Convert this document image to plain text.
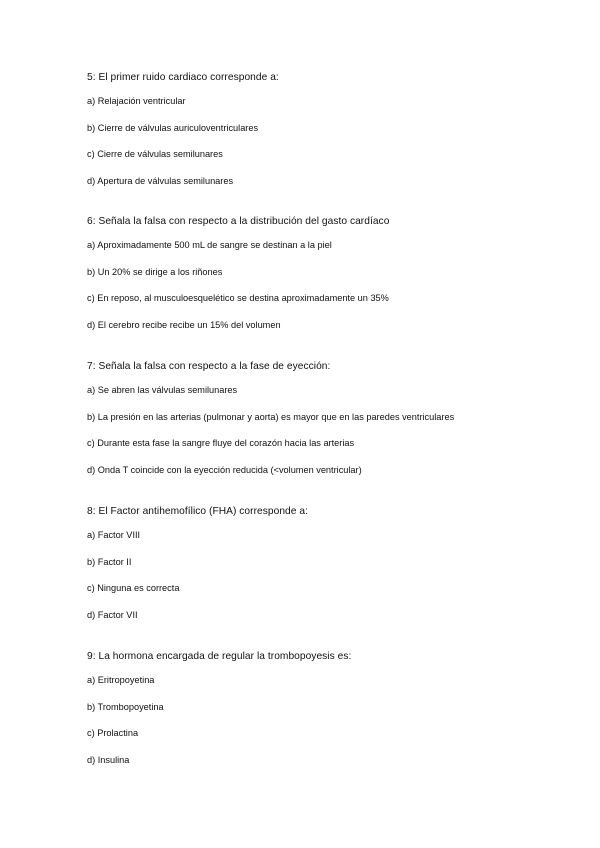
5: El primer ruido cardiaco corresponde a:
a) Relajación ventricular
b) Cierre de válvulas auriculoventriculares
c) Cierre de válvulas semilunares
d) Apertura de válvulas semilunares
6: Señala la falsa con respecto a la distribución del gasto cardíaco
a) Aproximadamente 500 mL de sangre se destinan a la piel
b) Un 20% se dirige a los riñones
c) En reposo, al musculoesquelético se destina aproximadamente un 35%
d) El cerebro recibe recibe un 15% del volumen
7: Señala la falsa con respecto a la fase de eyección:
a) Se abren las válvulas semilunares
b) La presión en las arterias (pulmonar y aorta) es mayor que en las paredes ventriculares
c) Durante esta fase la sangre fluye del corazón hacia las arterias
d) Onda T coincide con la eyección reducida (<volumen ventricular)
8: El Factor antihemofílico (FHA) corresponde a:
a) Factor VIII
b) Factor II
c) Ninguna es correcta
d) Factor VII
9: La hormona encargada de regular la trombopoyesis es:
a) Eritropoyetina
b) Trombopoyetina
c) Prolactina
d) Insulina
